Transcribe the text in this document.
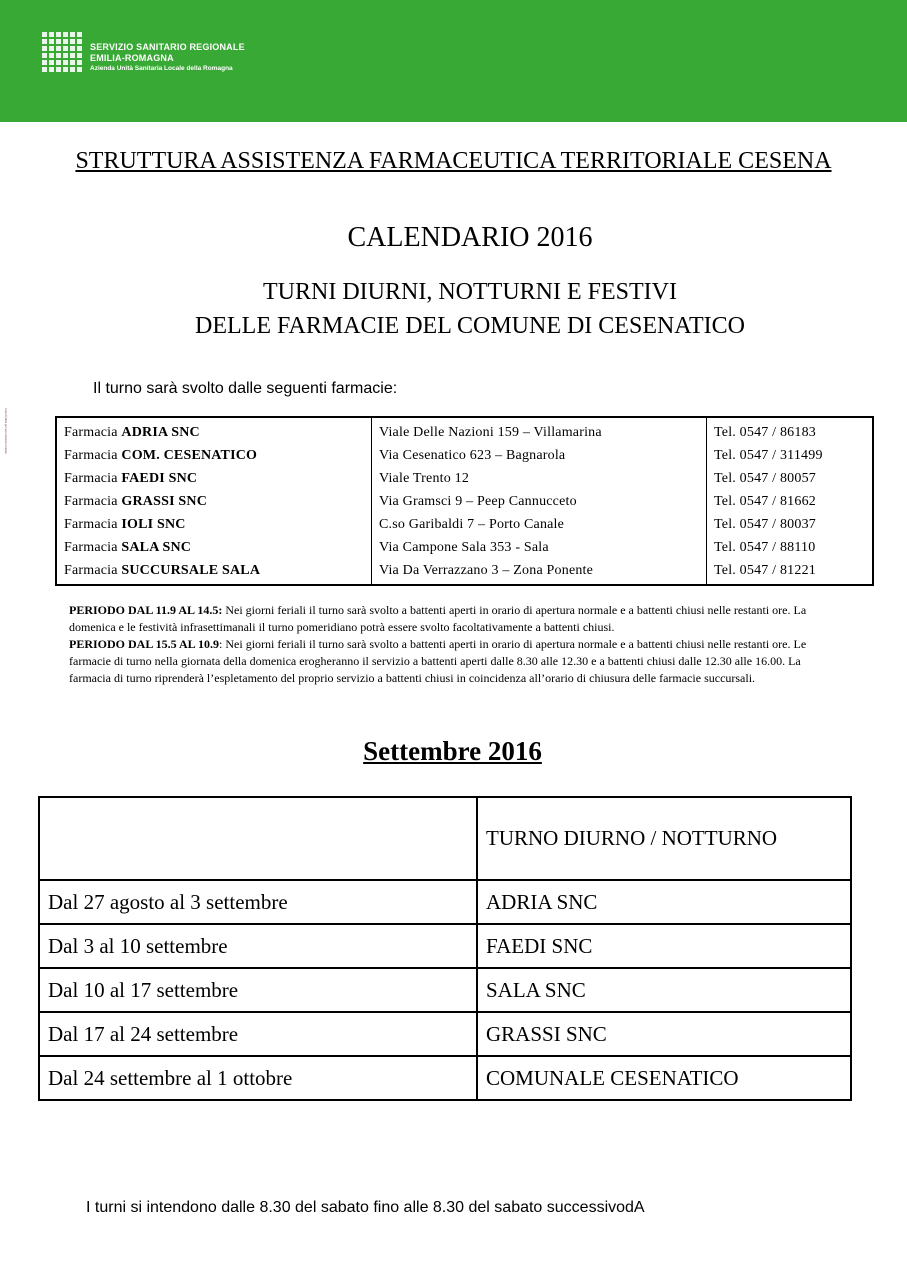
SERVIZIO SANITARIO REGIONALE
EMILIA-ROMAGNA
Azienda Unità Sanitaria Locale della Romagna
Carta fornita per uso esclusivo interno
STRUTTURA ASSISTENZA FARMACEUTICA TERRITORIALE CESENA
CALENDARIO 2016
TURNI DIURNI, NOTTURNI E FESTIVI
DELLE FARMACIE DEL COMUNE DI CESENATICO
Il turno sarà svolto dalle seguenti farmacie:
Farmacia ADRIA SNC	Viale Delle Nazioni 159 – Villamarina	Tel. 0547 / 86183
Farmacia COM. CESENATICO	Via Cesenatico 623 – Bagnarola	Tel. 0547 / 311499
Farmacia FAEDI SNC	Viale Trento 12	Tel. 0547 / 80057
Farmacia GRASSI SNC	Via Gramsci 9 – Peep Cannucceto	Tel. 0547 / 81662
Farmacia IOLI SNC	C.so Garibaldi 7 – Porto Canale	Tel. 0547 / 80037
Farmacia SALA SNC	Via Campone Sala 353 - Sala	Tel. 0547 / 88110
Farmacia SUCCURSALE SALA	Via Da Verrazzano 3 – Zona Ponente	Tel. 0547 / 81221
PERIODO DAL 11.9 AL 14.5: Nei giorni feriali il turno sarà svolto a battenti aperti in orario di apertura normale e a battenti chiusi nelle restanti ore. La domenica e le festività infrasettimanali il turno pomeridiano potrà essere svolto facoltativamente a battenti chiusi.
PERIODO DAL 15.5 AL 10.9: Nei giorni feriali il turno sarà svolto a battenti aperti in orario di apertura normale e a battenti chiusi nelle restanti ore. Le farmacie di turno nella giornata della domenica erogheranno il servizio a battenti aperti dalle 8.30 alle 12.30 e a battenti chiusi dalle 12.30 alle 16.00. La farmacia di turno riprenderà l’espletamento del proprio servizio a battenti chiusi in coincidenza all’orario di chiusura delle farmacie succursali.
Settembre 2016
	TURNO DIURNO / NOTTURNO
Dal 27 agosto al 3 settembre	ADRIA SNC
Dal 3 al 10 settembre	FAEDI SNC
Dal 10 al 17 settembre	SALA SNC
Dal 17 al 24 settembre	GRASSI SNC
Dal 24 settembre al 1 ottobre	COMUNALE CESENATICO
I turni si intendono dalle 8.30 del sabato fino alle 8.30 del sabato successivodA
